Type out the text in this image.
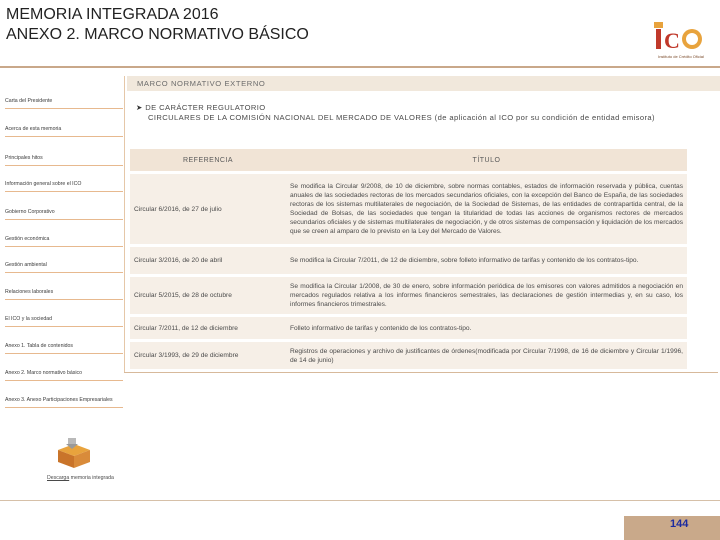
MEMORIA INTEGRADA 2016
ANEXO 2. MARCO NORMATIVO BÁSICO	C
Instituto de Crédito Oficial
MARCO NORMATIVO EXTERNO
Carta del Presidente
Acerca de esta memoria
Principales hitos
Información general sobre el ICO
Gobierno Corporativo
Gestión económica
Gestión ambiental
Relaciones laborales
El ICO y la sociedad
Anexo 1. Tabla de contenidos
Anexo 2. Marco normativo básico
Anexo 3. Anexo Participaciones Empresariales
➤ DE CARÁCTER REGULATORIO
CIRCULARES DE LA COMISIÓN NACIONAL DEL MERCADO DE VALORES (de aplicación al ICO por su condición de entidad emisora)
REFERENCIA	TÍTULO
Circular 6/2016, de 27 de julio	Se modifica la Circular 9/2008, de 10 de diciembre, sobre normas contables, estados de información reservada y pública, cuentas anuales de las sociedades rectoras de los mercados secundarios oficiales, con la excepción del Banco de España, de las sociedades rectoras de los sistemas multilaterales de negociación, de la Sociedad de Sistemas, de las entidades de contrapartida central, de la Sociedad de Bolsas, de las sociedades que tengan la titularidad de todas las acciones de organismos rectores de mercados secundarios oficiales y de sistemas multilaterales de negociación, y de otros sistemas de compensación y liquidación de los mercados que se creen al amparo de lo previsto en la Ley del Mercado de Valores.
Circular 3/2016, de 20 de abril	Se modifica la Circular 7/2011, de 12 de diciembre, sobre folleto informativo de tarifas y contenido de los contratos-tipo.
Circular 5/2015, de 28 de octubre	Se modifica la Circular 1/2008, de 30 de enero, sobre información periódica de los emisores con valores admitidos a negociación en mercados regulados relativa a los informes financieros semestrales, las declaraciones de gestión intermedias y, en su caso, los informes financieros trimestrales.
Circular 7/2011, de 12 de diciembre	Folleto informativo de tarifas y contenido de los contratos-tipo.
Circular 3/1993, de 29 de diciembre	Registros de operaciones y archivo de justificantes de órdenes(modificada por Circular 7/1998, de 16 de diciembre y Circular 1/1996, de 14 de junio)
Descarga memoria integrada
144
